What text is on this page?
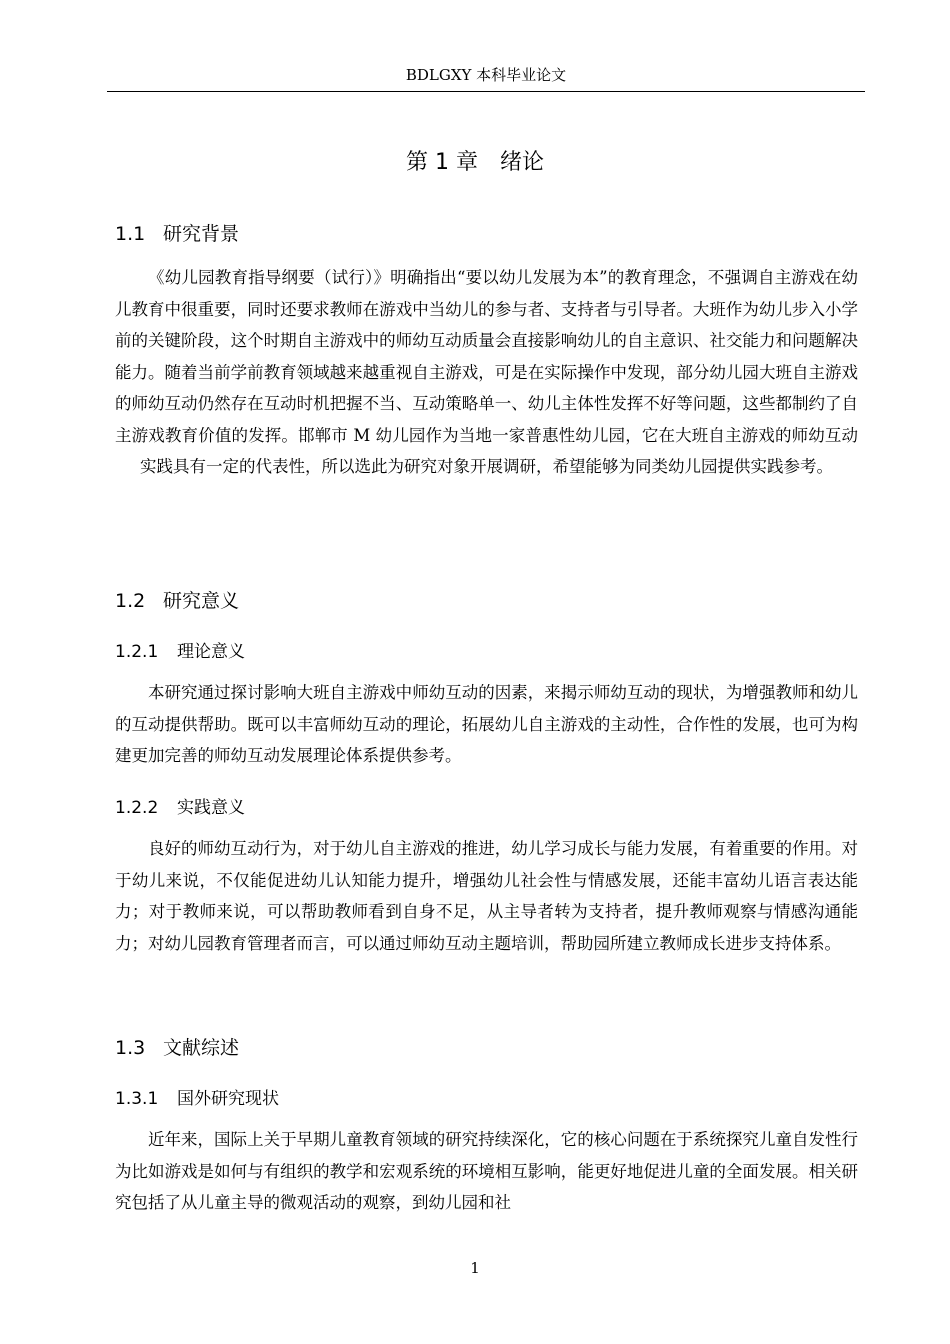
BDLGXY 本科毕业论文
第 1 章 绪论
1.1 研究背景

《幼儿园教育指导纲要（试行）》明确指出“要以幼儿发展为本”的教育理念，不强调自主游戏在幼儿教育中很重要，同时还要求教师在游戏中当幼儿的参与者、支持者与引导者。大班作为幼儿步入小学前的关键阶段，这个时期自主游戏中的师幼互动质量会直接影响幼儿的自主意识、社交能力和问题解决能力。随着当前学前教育领域越来越重视自主游戏，可是在实际操作中发现，部分幼儿园大班自主游戏的师幼互动仍然存在互动时机把握不当、互动策略单一、幼儿主体性发挥不好等问题，这些都制约了自主游戏教育价值的发挥。邯郸市 M 幼儿园作为当地一家普惠性幼儿园，它在大班自主游戏的师幼互动实践具有一定的代表性，所以选此为研究对象开展调研，希望能够为同类幼儿园提供实践参考。

1.2 研究意义
1.2.1 理论意义

本研究通过探讨影响大班自主游戏中师幼互动的因素，来揭示师幼互动的现状，为增强教师和幼儿的互动提供帮助。既可以丰富师幼互动的理论，拓展幼儿自主游戏的主动性，合作性的发展，也可为构建更加完善的师幼互动发展理论体系提供参考。

1.2.2 实践意义

良好的师幼互动行为，对于幼儿自主游戏的推进，幼儿学习成长与能力发展，有着重要的作用。对于幼儿来说，不仅能促进幼儿认知能力提升，增强幼儿社会性与情感发展，还能丰富幼儿语言表达能力；对于教师来说，可以帮助教师看到自身不足，从主导者转为支持者，提升教师观察与情感沟通能力；对幼儿园教育管理者而言，可以通过师幼互动主题培训，帮助园所建立教师成长进步支持体系。

1.3 文献综述
1.3.1 国外研究现状

近年来，国际上关于早期儿童教育领域的研究持续深化，它的核心问题在于系统探究儿童自发性行为比如游戏是如何与有组织的教学和宏观系统的环境相互影响，能更好地促进儿童的全面发展。相关研究包括了从儿童主导的微观活动的观察，到幼儿园和社

1
